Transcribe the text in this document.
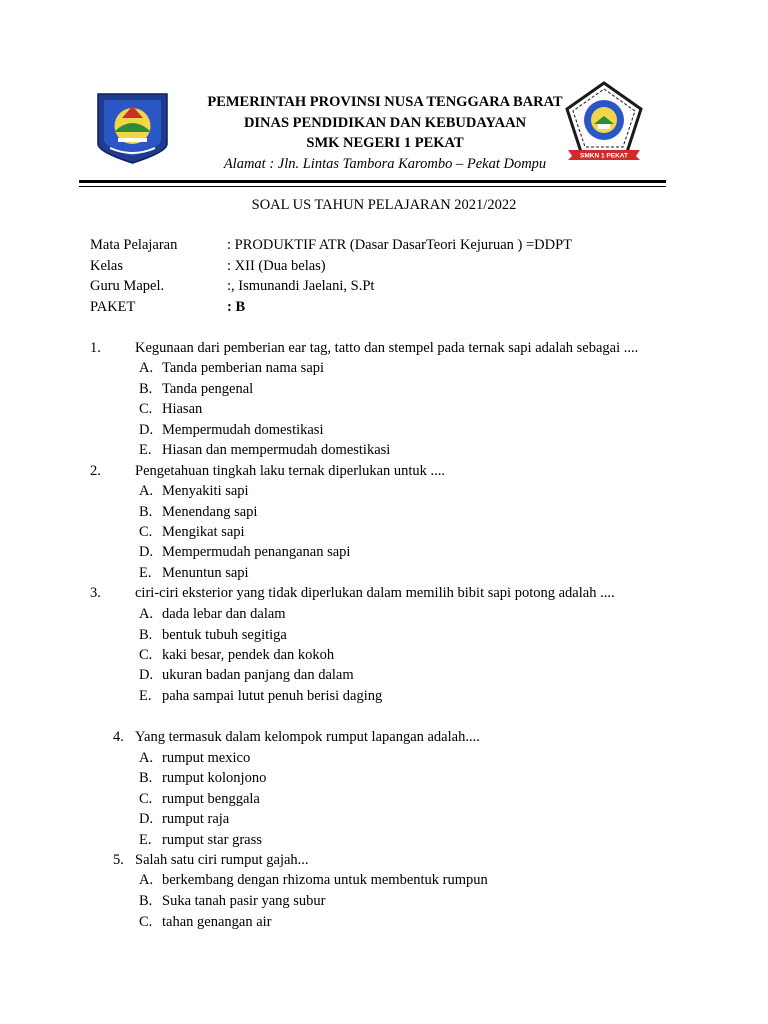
SMKN 1 PEKAT
PEMERINTAH PROVINSI NUSA TENGGARA BARAT
DINAS PENDIDIKAN DAN KEBUDAYAAN
SMK NEGERI 1 PEKAT
Alamat : Jln. Lintas Tambora Karombo – Pekat Dompu
SOAL US TAHUN PELAJARAN 2021/2022
Mata Pelajaran	: PRODUKTIF ATR (Dasar DasarTeori Kejuruan ) =DDPT
Kelas	: XII (Dua belas)
Guru Mapel.	:, Ismunandi Jaelani, S.Pt
PAKET	: B
1. Kegunaan dari pemberian ear tag, tatto dan stempel pada ternak sapi adalah sebagai ....
A. Tanda pemberian nama sapi
B. Tanda pengenal
C. Hiasan
D. Mempermudah domestikasi
E. Hiasan dan mempermudah domestikasi
2. Pengetahuan tingkah laku ternak diperlukan untuk ....
A. Menyakiti sapi
B. Menendang sapi
C. Mengikat sapi
D. Mempermudah penanganan sapi
E. Menuntun sapi
3. ciri-ciri eksterior yang tidak diperlukan dalam memilih bibit sapi potong adalah ....
A. dada lebar dan dalam
B. bentuk tubuh segitiga
C. kaki besar, pendek dan kokoh
D. ukuran badan panjang dan dalam
E. paha sampai lutut penuh berisi daging
4. Yang termasuk dalam kelompok rumput lapangan adalah....
A. rumput mexico
B. rumput kolonjono
C. rumput benggala
D. rumput raja
E. rumput star grass
5. Salah satu ciri rumput gajah...
A. berkembang dengan rhizoma untuk membentuk rumpun
B. Suka tanah pasir yang subur
C. tahan genangan air
